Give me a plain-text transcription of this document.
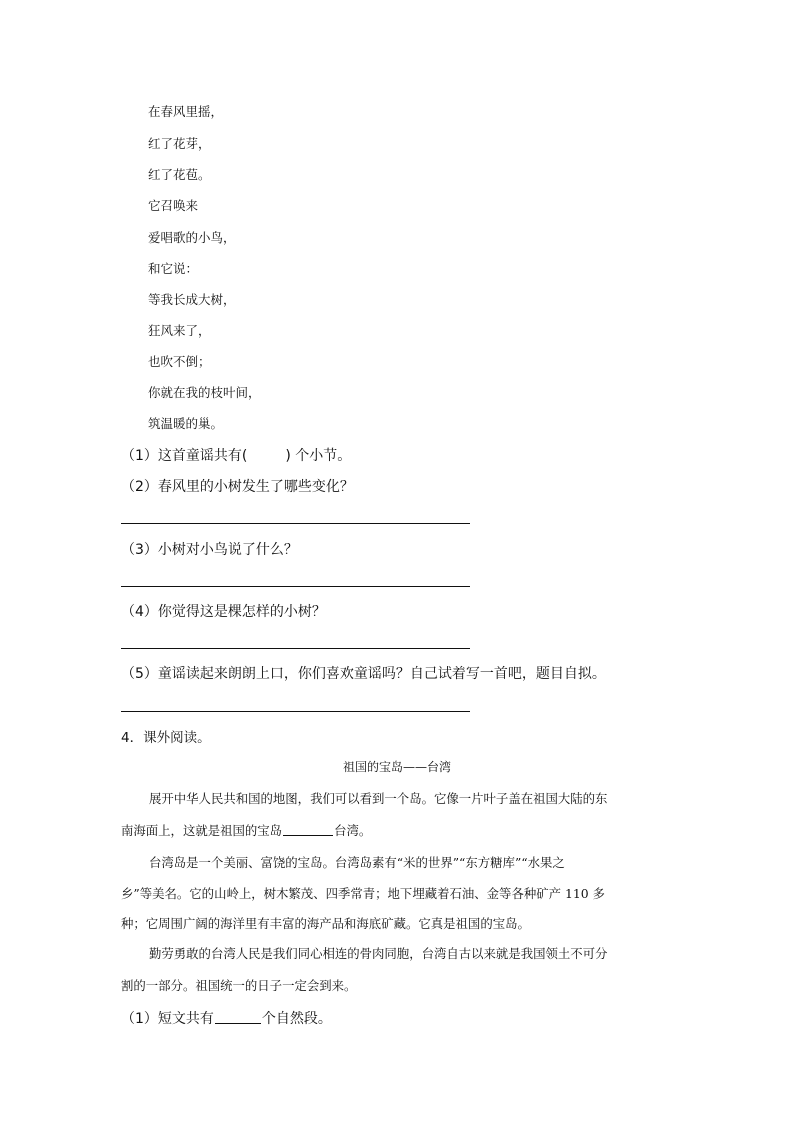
在春风里摇，
红了花芽，
红了花苞。
它召唤来
爱唱歌的小鸟，
和它说：
等我长成大树，
狂风来了，
也吹不倒；
你就在我的枝叶间，
筑温暖的巢。
（1）这首童谣共有(	) 个小节。
（2）春风里的小树发生了哪些变化？
（3）小树对小鸟说了什么？
（4）你觉得这是棵怎样的小树？
（5）童谣读起来朗朗上口，你们喜欢童谣吗？自己试着写一首吧，题目自拟。
4．课外阅读。
祖国的宝岛——台湾
展开中华人民共和国的地图，我们可以看到一个岛。它像一片叶子盖在祖国大陆的东
南海面上，这就是祖国的宝岛	台湾。
台湾岛是一个美丽、富饶的宝岛。台湾岛素有“米的世界”“东方糖库”“水果之
乡”等美名。它的山岭上，树木繁茂、四季常青；地下埋藏着石油、金等各种矿产 110 多
种；它周围广阔的海洋里有丰富的海产品和海底矿藏。它真是祖国的宝岛。
勤劳勇敢的台湾人民是我们同心相连的骨肉同胞，台湾自古以来就是我国领土不可分
割的一部分。祖国统一的日子一定会到来。
（1）短文共有	个自然段。
